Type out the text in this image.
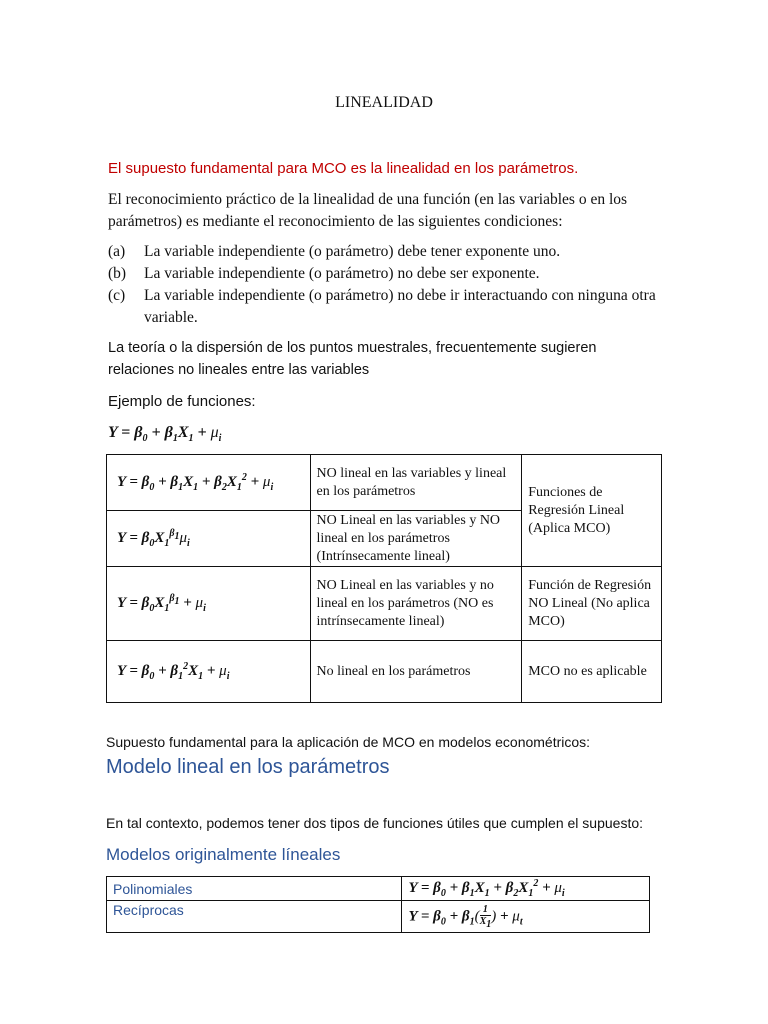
LINEALIDAD
El supuesto fundamental para MCO es la linealidad en los parámetros.
El reconocimiento práctico de la linealidad de una función (en las variables o en los parámetros) es mediante el reconocimiento de las siguientes condiciones:
(a)	La variable independiente (o parámetro) debe tener exponente uno.
(b)	La variable independiente (o parámetro) no debe ser exponente.
(c)	La variable independiente (o parámetro) no debe ir interactuando con ninguna otra variable.
La teoría o la dispersión de los puntos muestrales, frecuentemente sugieren relaciones no lineales entre las variables
Ejemplo de funciones:
$Y = \beta_0 + \beta_1X_1 + \mu_i$
$Y = \beta_0 + \beta_1X_1 + \beta_2X_1^2 + \mu_i$	NO lineal en las variables y lineal en los parámetros	Funciones de Regresión Lineal (Aplica MCO)
$Y = \beta_0X_1^{\beta_1}\mu_i$	NO Lineal en las variables y NO lineal en los parámetros (Intrínsecamente lineal)	
$Y = \beta_0X_1^{\beta_1} + \mu_i$	NO Lineal en las variables y no lineal en los parámetros (NO es intrínsecamente lineal)	Función de Regresión NO Lineal (No aplica MCO)
$Y = \beta_0 + \beta_1^2X_1 + \mu_i$	No lineal en los parámetros	MCO no es aplicable
Supuesto fundamental para la aplicación de MCO en modelos econométricos:
Modelo lineal en los parámetros
En tal contexto, podemos tener dos tipos de funciones útiles que cumplen el supuesto:
Modelos originalmente líneales
Polinomiales	$Y = \beta_0 + \beta_1X_1 + \beta_2X_1^2 + \mu_i$
Recíprocas	$Y = \beta_0 + \beta_1( \frac{1}{X_1}$ ) + $\mu_t$
